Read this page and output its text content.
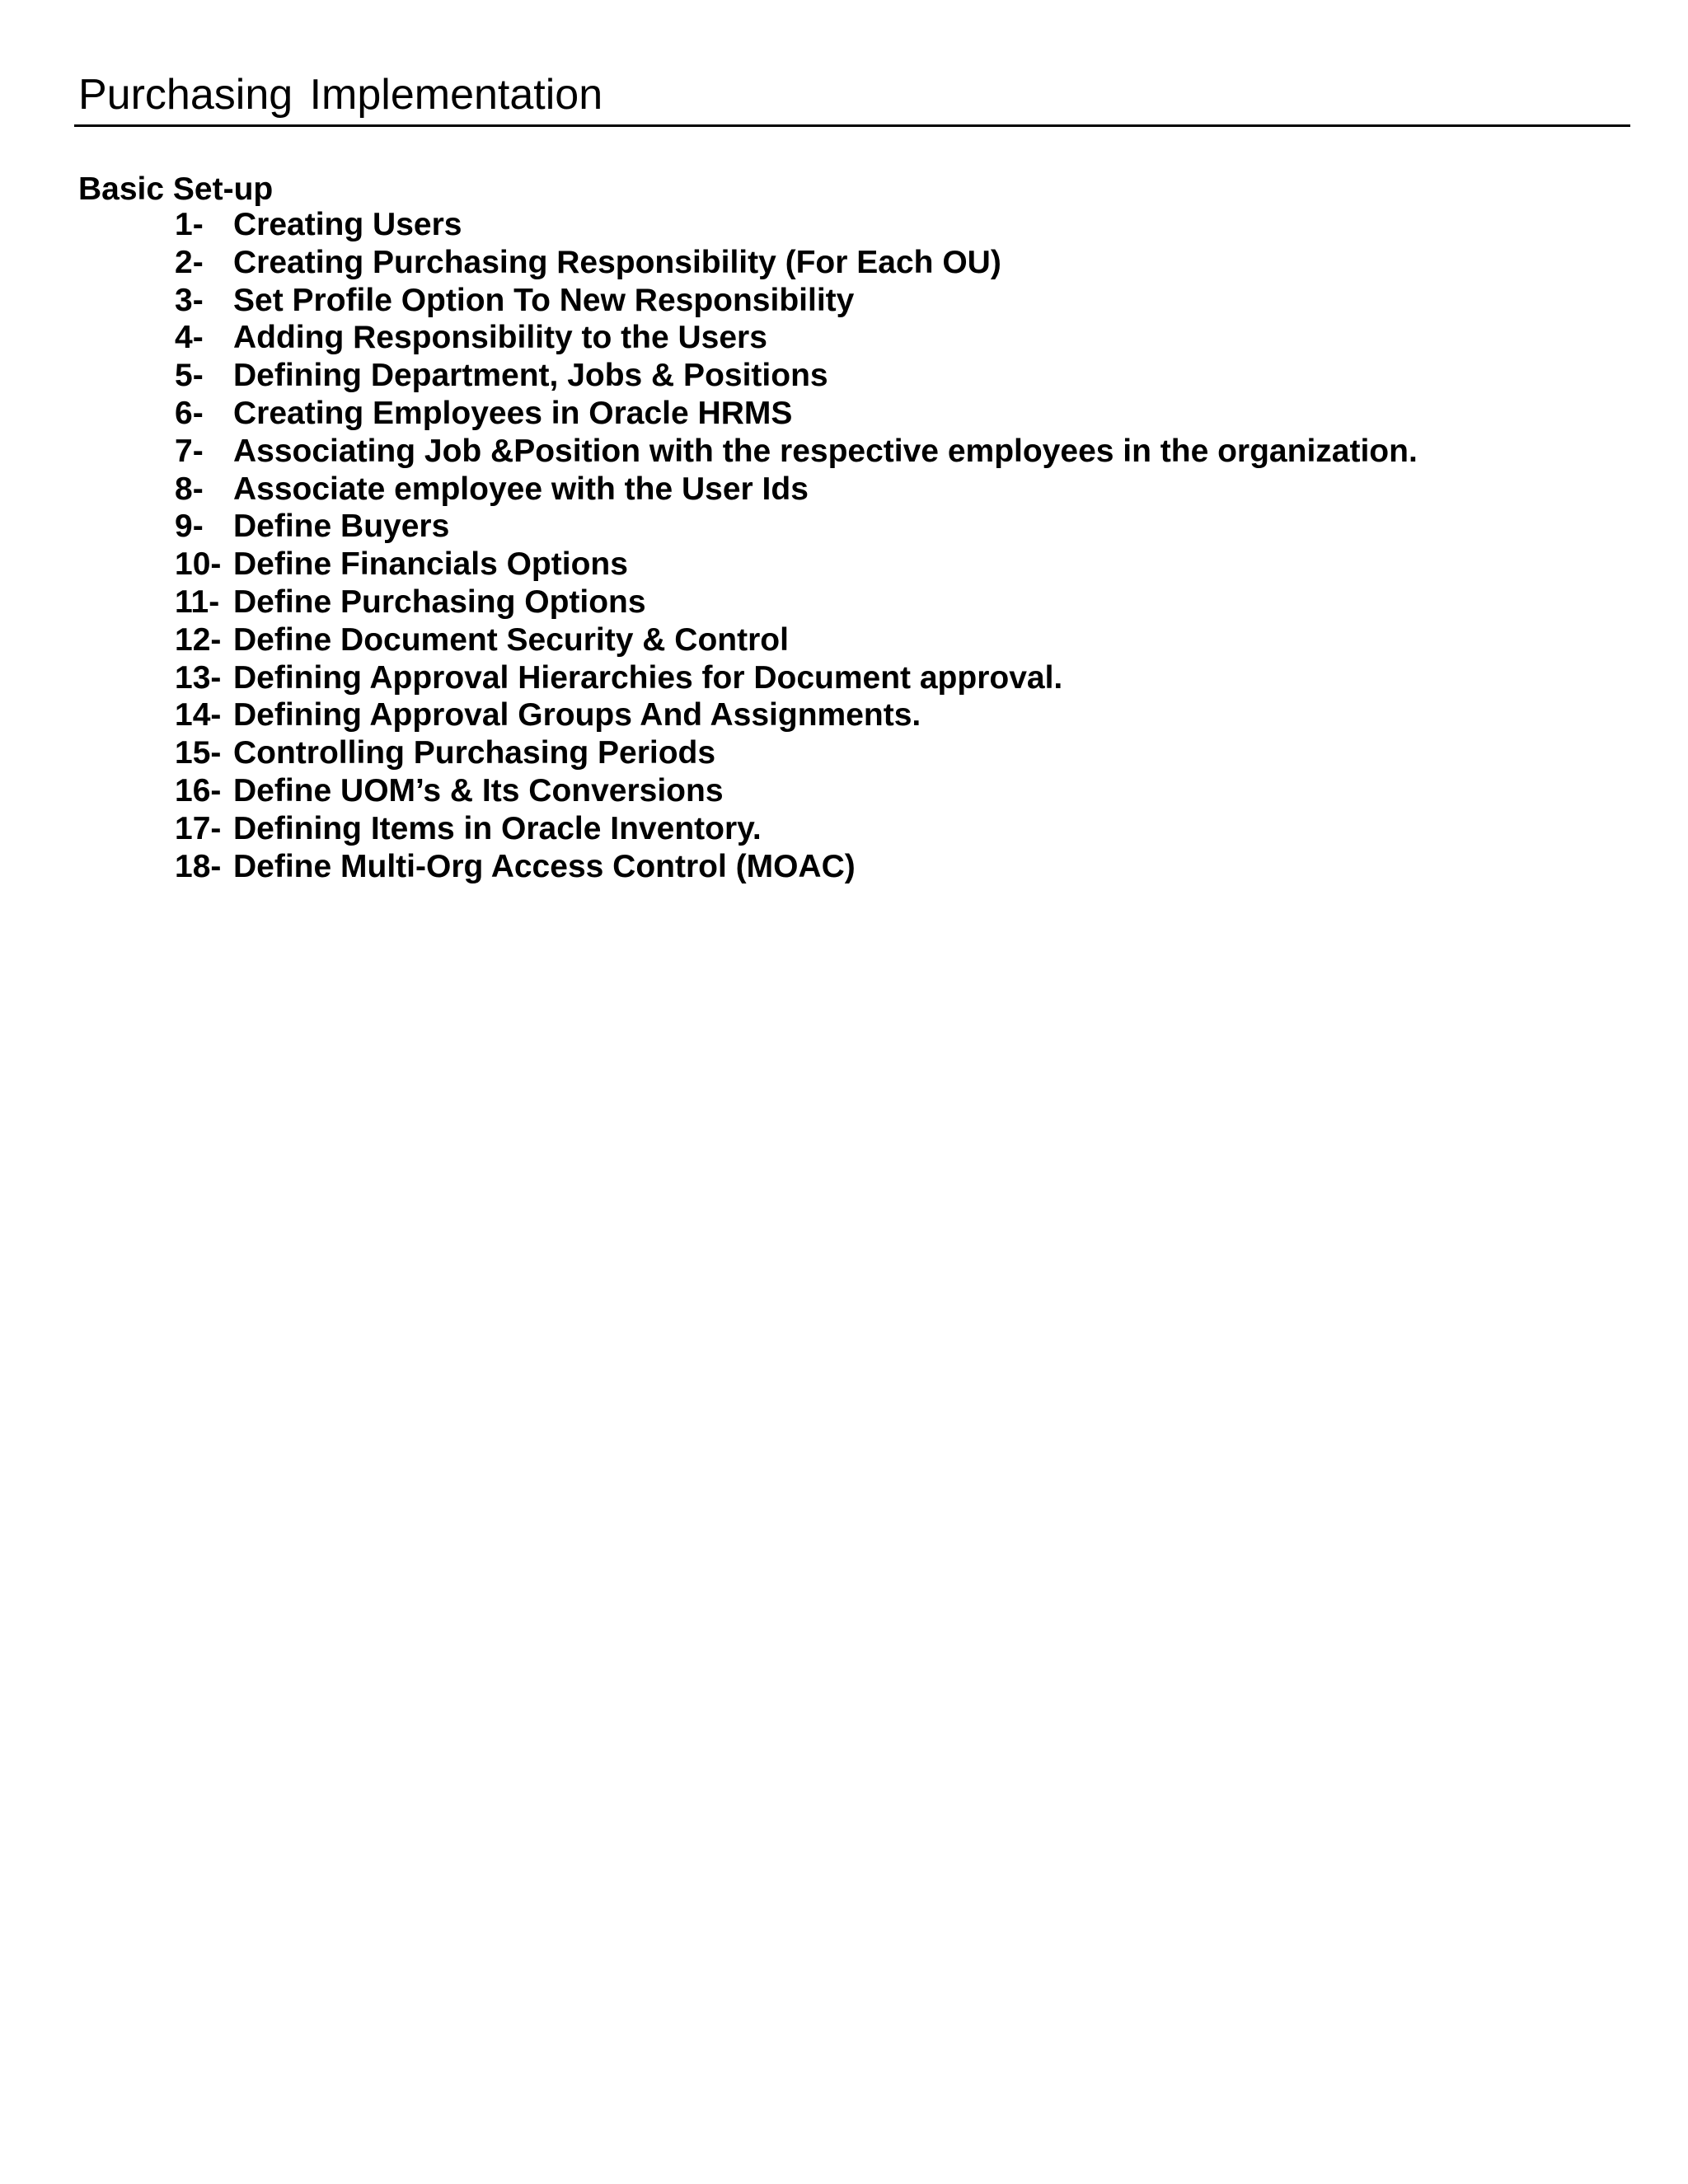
Purchasing Implementation
Basic Set-up
1- Creating Users
2- Creating Purchasing Responsibility (For Each OU)
3- Set Profile Option To New Responsibility
4- Adding Responsibility to the Users
5- Defining Department, Jobs & Positions
6- Creating Employees in Oracle HRMS
7- Associating Job &Position with the respective employees in the organization.
8- Associate employee with the User Ids
9- Define Buyers
10- Define Financials Options
11- Define Purchasing Options
12- Define Document Security & Control
13- Defining Approval Hierarchies for Document approval.
14- Defining Approval Groups And Assignments.
15- Controlling Purchasing Periods
16- Define UOM’s & Its Conversions
17- Defining Items in Oracle Inventory.
18- Define Multi-Org Access Control (MOAC)
